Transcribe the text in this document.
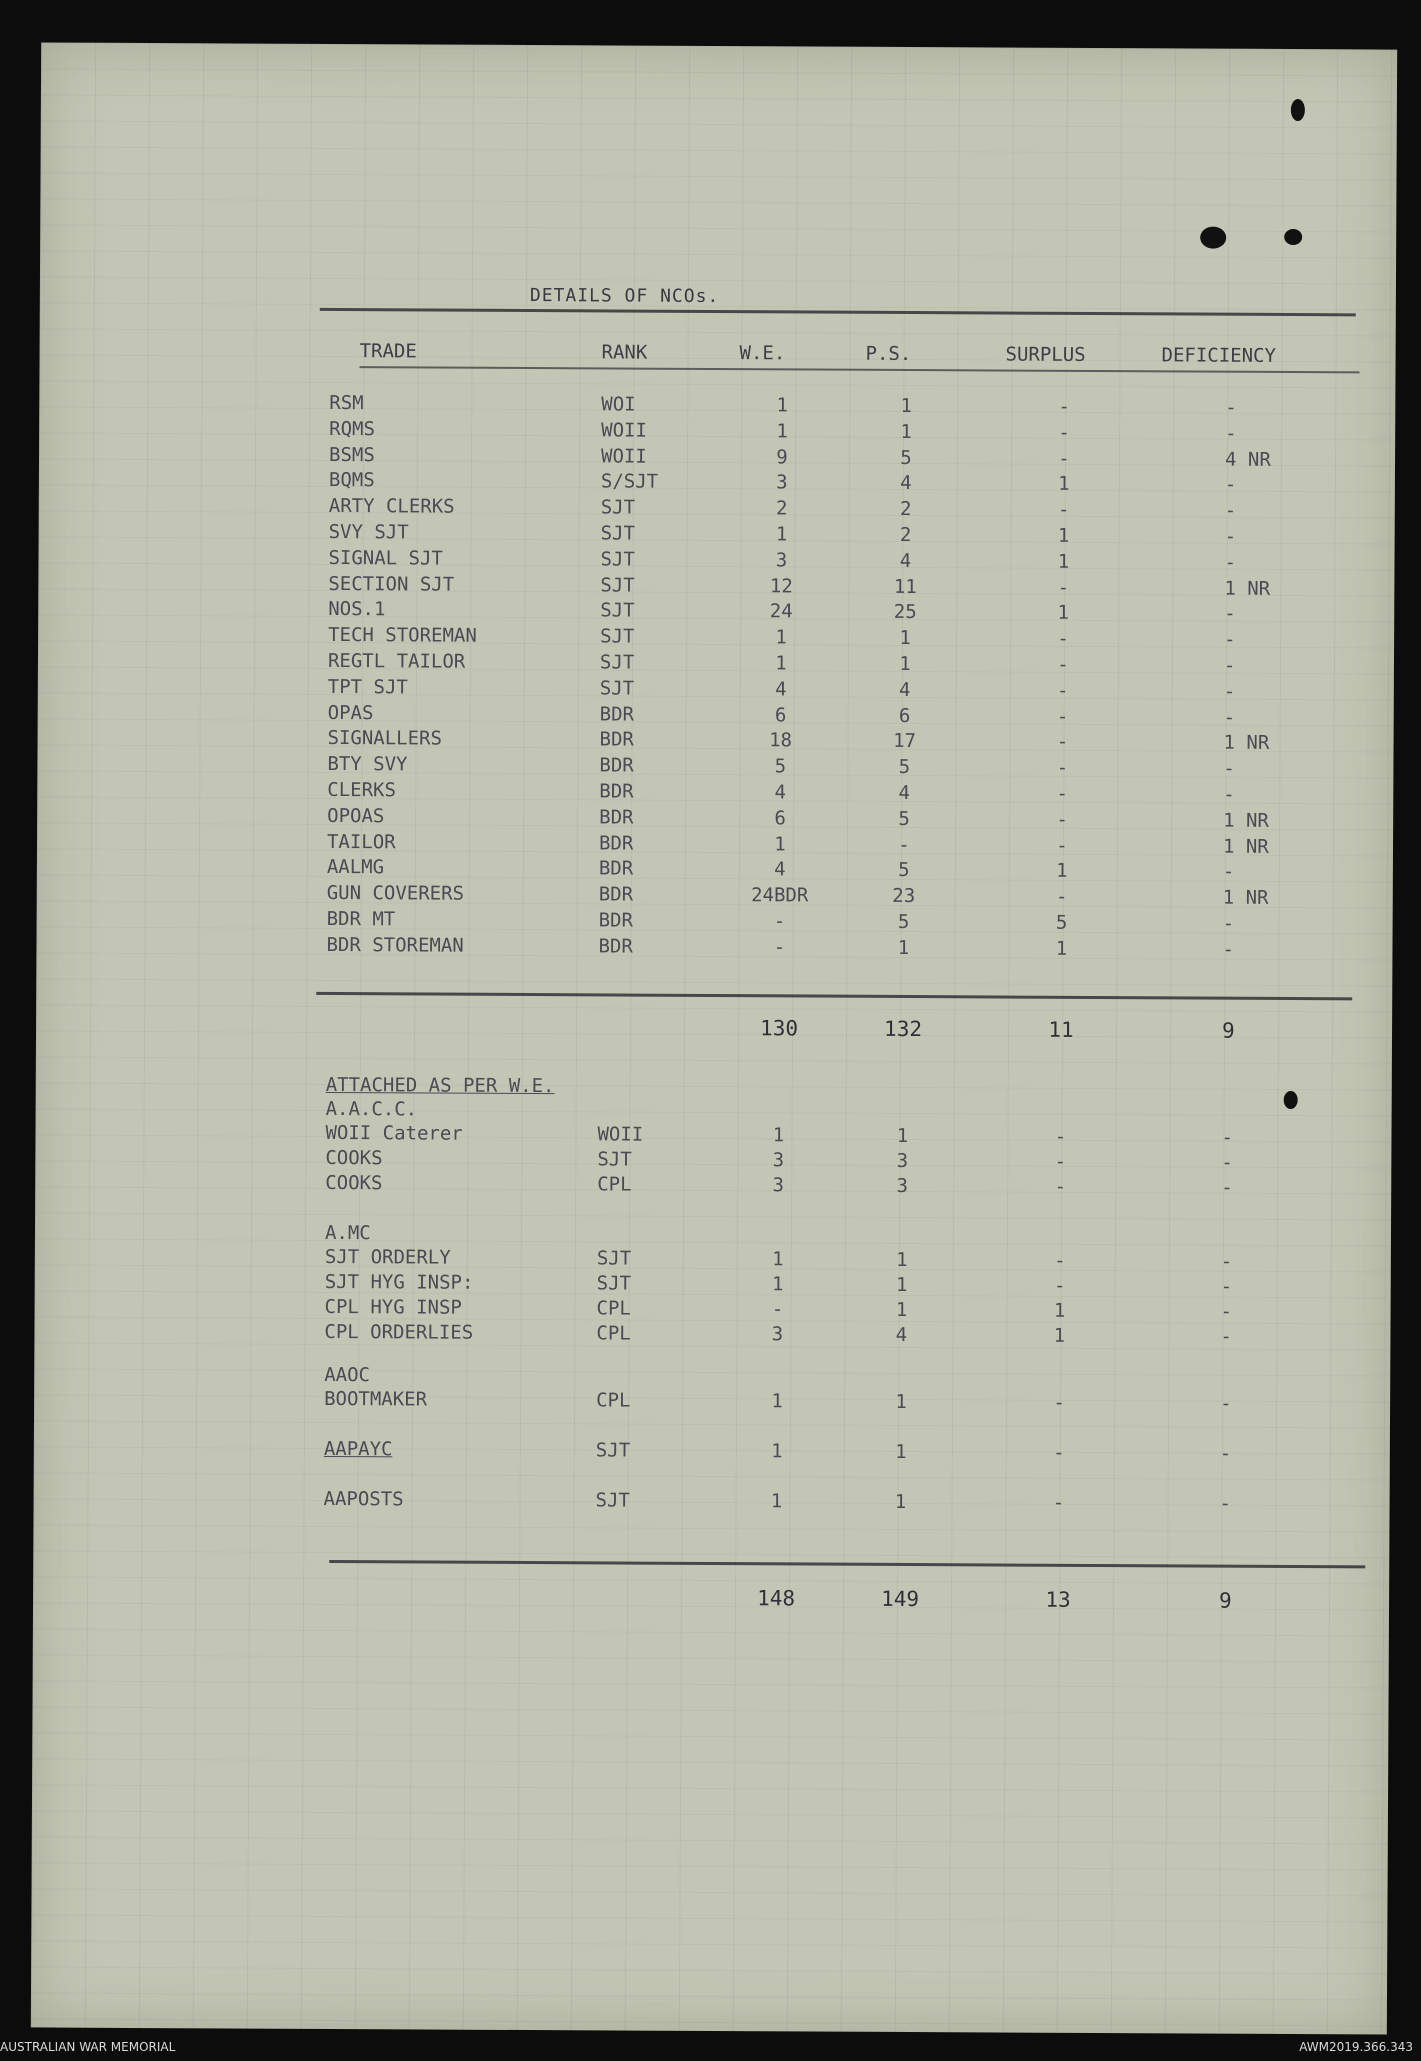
DETAILS OF NCOs.
TRADE	RANK	W.E.	P.S.	SURPLUS	DEFICIENCY
RSM	WOI	1	1	-	-
RQMS	WOII	1	1	-	-
BSMS	WOII	9	5	-	4 NR
BQMS	S/SJT	3	4	1	-
ARTY CLERKS	SJT	2	2	-	-
SVY SJT	SJT	1	2	1	-
SIGNAL SJT	SJT	3	4	1	-
SECTION SJT	SJT	12	11	-	1 NR
NOS.1	SJT	24	25	1	-
TECH STOREMAN	SJT	1	1	-	-
REGTL TAILOR	SJT	1	1	-	-
TPT SJT	SJT	4	4	-	-
OPAS	BDR	6	6	-	-
SIGNALLERS	BDR	18	17	-	1 NR
BTY SVY	BDR	5	5	-	-
CLERKS	BDR	4	4	-	-
OPOAS	BDR	6	5	-	1 NR
TAILOR	BDR	1	-	-	1 NR
AALMG	BDR	4	5	1	-
GUN COVERERS	BDR	24BDR	23	-	1 NR
BDR MT	BDR	-	5	5	-
BDR STOREMAN	BDR	-	1	1	-
130	132	11	9
ATTACHED AS PER W.E.
A.A.C.C.
WOII Caterer	WOII	1	1	-	-
COOKS	SJT	3	3	-	-
COOKS	CPL	3	3	-	-
A.MC
SJT ORDERLY	SJT	1	1	-	-
SJT HYG INSP:	SJT	1	1	-	-
CPL HYG INSP	CPL	-	1	1	-
CPL ORDERLIES	CPL	3	4	1	-
AAOC
BOOTMAKER	CPL	1	1	-	-
AAPAYC	SJT	1	1	-	-
AAPOSTS	SJT	1	1	-	-
148	149	13	9
AUSTRALIAN WAR MEMORIAL	AWM2019.366.343
